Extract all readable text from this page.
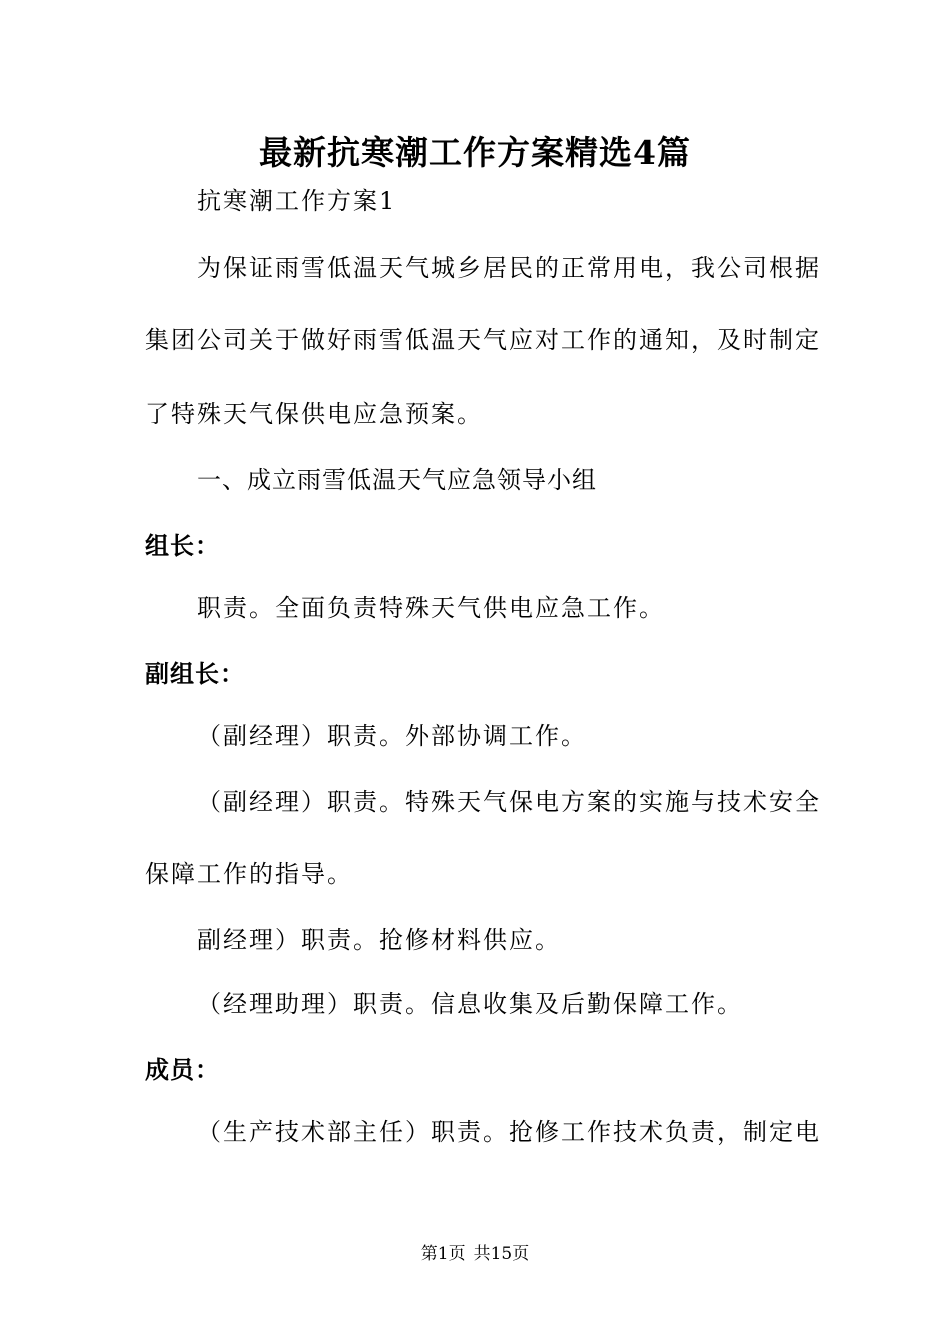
最新抗寒潮工作方案精选4篇
抗寒潮工作方案1
为保证雨雪低温天气城乡居民的正常用电，我公司根据
集团公司关于做好雨雪低温天气应对工作的通知，及时制定
了特殊天气保供电应急预案。
一、成立雨雪低温天气应急领导小组
组长：
职责。全面负责特殊天气供电应急工作。
副组长：
（副经理）职责。外部协调工作。
（副经理）职责。特殊天气保电方案的实施与技术安全
保障工作的指导。
副经理）职责。抢修材料供应。
（经理助理）职责。信息收集及后勤保障工作。
成员：
（生产技术部主任）职责。抢修工作技术负责，制定电
第1页 共15页
